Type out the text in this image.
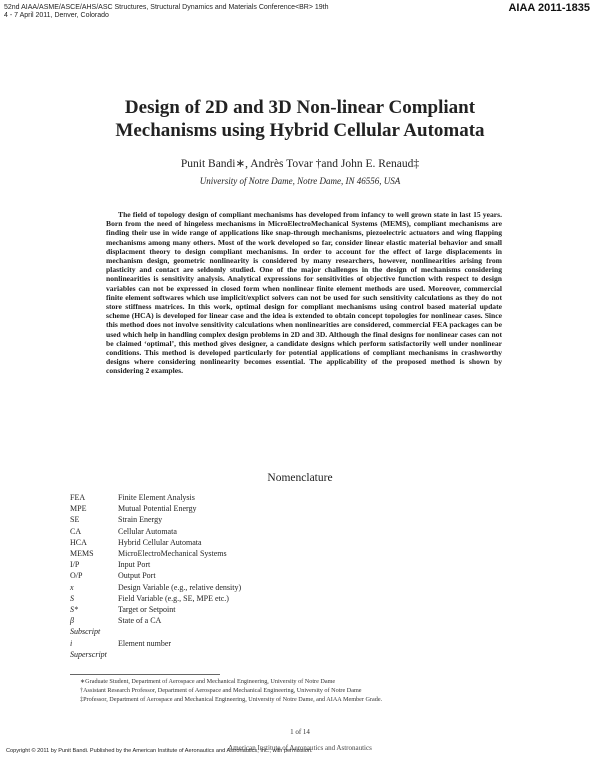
52nd AIAA/ASME/ASCE/AHS/ASC Structures, Structural Dynamics and Materials Conference<BR> 19th
4 - 7 April 2011, Denver, Colorado
AIAA 2011-1835
Design of 2D and 3D Non-linear Compliant
Mechanisms using Hybrid Cellular Automata
Punit Bandi∗, Andrès Tovar †and John E. Renaud‡
University of Notre Dame, Notre Dame, IN 46556, USA

The field of topology design of compliant mechanisms has developed from infancy to well grown state in last 15 years. Born from the need of hingeless mechanisms in MicroElectroMechanical Systems (MEMS), compliant mechanisms are finding their use in wide range of applications like snap-through mechanisms, piezoelectric actuators and wing flapping mechanisms among many others. Most of the work developed so far, consider linear elastic material behavior and small displacment theory to design compliant mechanisms. In order to account for the effect of large displacements in mechanism design, geometric nonlinearity is considered by many researchers, however, nonlinearities arising from plasticity and contact are seldomly studied. One of the major challenges in the design of mechanisms considering nonlinearities is sensitivity analysis. Analytical expressions for sensitivities of objective function with respect to design variables can not be expressed in closed form when nonlinear finite element methods are used. Moreover, commercial finite element softwares which use implicit/explict solvers can not be used for such sensitivity calculations as they do not store stiffness matrices. In this work, optimal design for compliant mechanisms using control based material update scheme (HCA) is developed for linear case and the idea is extended to obtain concept topologies for nonlinear cases. Since this method does not involve sensitivity calculations when nonlinearities are considered, commercial FEA packages can be used which help in handling complex design problems in 2D and 3D. Although the final designs for nonlinear cases can not be claimed ‘optimal’, this method gives designer, a candidate designs which perform satisfactorily well under nonlinear conditions. This method is developed particularly for potential applications of compliant mechanisms in crashworthy designs where considering nonlinearity becomes essential. The applicability of the proposed method is shown by considering 2 examples.

Nomenclature
FEA	Finite Element Analysis
MPE	Mutual Potential Energy
SE	Strain Energy
CA	Cellular Automata
HCA	Hybrid Cellular Automata
MEMS	MicroElectroMechanical Systems
I/P	Input Port
O/P	Output Port
x	Design Variable (e.g., relative density)
S	Field Variable (e.g., SE, MPE etc.)
S*	Target or Setpoint
β	State of a CA
Subscript	
i	Element number
Superscript	
∗Graduate Student, Department of Aerospace and Mechanical Engineering, University of Notre Dame
†Assistant Research Professor, Department of Aerospace and Mechanical Engineering, University of Notre Dame
‡Professor, Department of Aerospace and Mechanical Engineering, University of Notre Dame, and AIAA Member Grade.
1 of 14
American Institute of Aeronautics and Astronautics
Copyright © 2011 by Punit Bandi. Published by the American Institute of Aeronautics and Astronautics, Inc., with permission.
